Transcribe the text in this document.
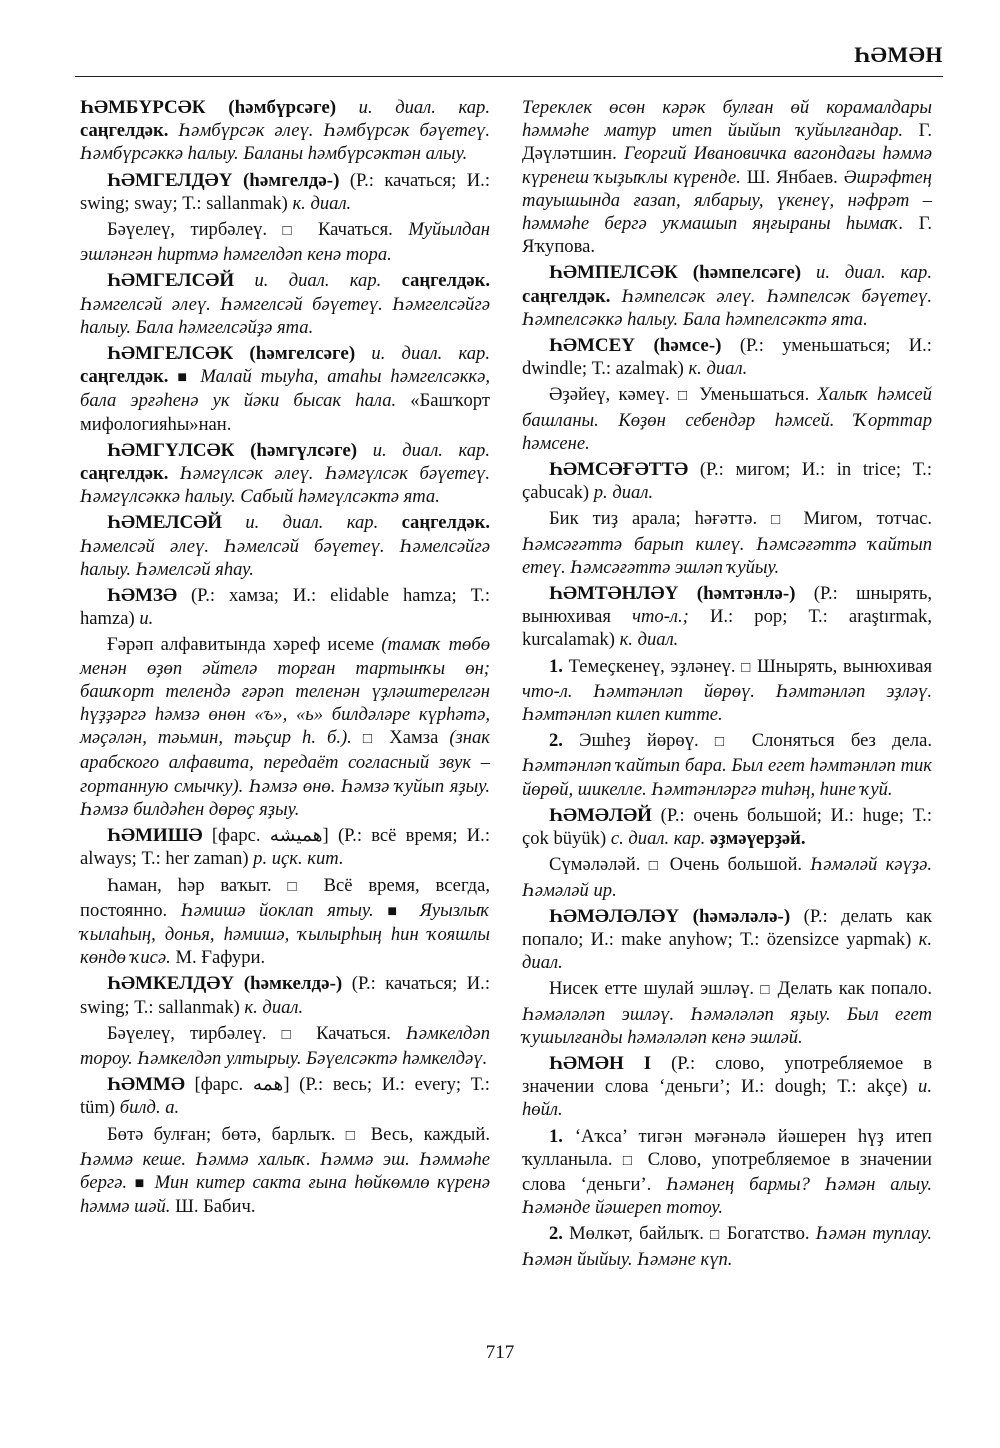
ҺӘМӘН

ҺӘМБҮРСӘК (һәмбүрсәге) и. диал. кар. саңгелдәк. Һәмбүрсәк әлеү. Һәмбүрсәк бәүетеү. Һәмбүрсәккә һалыу. Баланы һәмбүрсәктән алыу.

ҺӘМГЕЛДӘҮ (һәмгелдә-) (Р.: качаться; И.: swing; sway; Т.: sallanmak) к. диал.

Бәүелеү, тирбәлеү. □ Качаться. Муйылдан эшләнгән һиртмә һәмгелдәп кенә тора.

ҺӘМГЕЛСӘЙ и. диал. кар. саңгелдәк. Һәмгелсәй әлеү. Һәмгелсәй бәүетеү. Һәмгелсәйгә һалыу. Бала һәмгелсәйҙә ята.

ҺӘМГЕЛСӘК (һәмгелсәге) и. диал. кар. саңгелдәк. ■ Малай тыуһа, атаһы һәмгелсәккә, бала эрғәһенә ук йәки бысак һала. «Башҡорт мифологияһы»нан.

ҺӘМГҮЛСӘК (һәмгүлсәге) и. диал. кар. саңгелдәк. Һәмгүлсәк әлеү. Һәмгүлсәк бәүетеү. Һәмгүлсәккә һалыу. Сабый һәмгүлсәктә ята.

ҺӘМЕЛСӘЙ и. диал. кар. саңгелдәк. Һәмелсәй әлеү. Һәмелсәй бәүетеү. Һәмелсәйгә һалыу. Һәмелсәй яһау.

ҺӘМЗӘ (Р.: хамза; И.: elidable hamza; Т.: hamza) и.

Ғәрәп алфавитында хәреф исеме (тамаҡ төбө менән өҙөп әйтелә торған тартынҡы өн; башҡорт телендә ғәрәп теленән үҙләштерелгән һүҙҙәргә һәмзә өнөн «ъ», «ь» билдәләре күрһәтә, мәҫәлән, тәьмин, тәьҫир һ. б.). □ Хамза (знак арабского алфавита, передаёт согласный звук – гортанную смычку). Һәмзә өнө. Һәмзә ҡуйып яҙыу. Һәмзә билдәһен дөрөҫ яҙыу.

ҺӘМИШӘ [фарс. همیشه] (Р.: всё время; И.: always; Т.: her zaman) р. иҫк. кит.

Һаман, һәр ваҡыт. □ Всё время, всегда, постоянно. Һәмишә йоклап ятыу. ■ Яуызлыҡ ҡылаһың, донья, һәмишә, ҡылырһың һин ҡояшлы көндө ҡисә. М. Ғафури.

ҺӘМКЕЛДӘҮ (һәмкелдә-) (Р.: качаться; И.: swing; Т.: sallanmak) к. диал.

Бәүелеү, тирбәлеү. □ Качаться. Һәмкелдәп тороу. Һәмкелдәп ултырыу. Бәүелсәктә һәмкелдәү.

ҺӘММӘ [фарс. همه] (Р.: весь; И.: every; Т.: tüm) билд. а.

Бөтә булған; бөтә, барлыҡ. □ Весь, каждый. Һәммә кеше. Һәммә халыҡ. Һәммә эш. Һәммәһе бергә. ■ Мин китер сакта ғына һөйкөмлө күренә һәммә шәй. Ш. Бабич.

Тереклек өсөн кәрәк булған өй корамалдары һәммәһе матур итеп йыйып ҡуйылғандар. Г. Дәүләтшин. Георгий Ивановичка вагондағы һәммә күренеш ҡыҙыҡлы күренде. Ш. Янбаев. Әшрәфтең тауышында ғазап, ялбарыу, үкенеү, нәфрәт – һәммәһе бергә уҡмашып яңғыраны һымаҡ. Г. Яҡупова.

ҺӘМПЕЛСӘК (һәмпелсәге) и. диал. кар. саңгелдәк. Һәмпелсәк әлеү. Һәмпелсәк бәүетеү. Һәмпелсәккә һалыу. Бала һәмпелсәктә ята.

ҺӘМСЕҮ (һәмсе-) (Р.: уменьшаться; И.: dwindle; Т.: azalmak) к. диал.

Әҙәйеү, кәмеү. □ Уменьшаться. Халыҡ һәмсей башланы. Көҙөн себендәр һәмсей. Ҡорттар һәмсене.

ҺӘМСӘҒӘТТӘ (Р.: мигом; И.: in trice; Т.: çabucak) р. диал.

Бик тиҙ арала; һәғәттә. □ Мигом, тотчас. Һәмсәғәттә барып килеү. Һәмсәғәттә ҡайтып етеү. Һәмсәғәттә эшләп ҡуйыу.

ҺӘМТӘНЛӘҮ (һәмтәнлә-) (Р.: шнырять, вынюхивая что-л.; И.: pop; Т.: araştırmak, kurcalamak) к. диал.

1. Темеҫкенеү, эҙләнеү. □ Шнырять, вынюхивая что-л. Һәмтәнләп йөрөү. Һәмтәнләп эҙләү. Һәмтәнләп килеп китте.

2. Эшһеҙ йөрөү. □ Слоняться без дела. Һәмтәнләп ҡайтып бара. Был егет һәмтәнләп тик йөрөй, шикелле. Һәмтәнләргә тиһәң, һине ҡуй.

ҺӘМӘЛӘЙ (Р.: очень большой; И.: huge; Т.: çok büyük) с. диал. кар. әҙмәүерҙәй.

Сүмәләләй. □ Очень большой. Һәмәләй кәүҙә. Һәмәләй ир.

ҺӘМӘЛӘЛӘҮ (һәмәләлә-) (Р.: делать как попало; И.: make anyhow; Т.: özensizce yapmak) к. диал.

Нисек етте шулай эшләү. □ Делать как попало. Һәмәләләп эшләү. Һәмәләләп яҙыу. Был егет ҡушылғанды һәмәләләп кенә эшләй.

ҺӘМӘН I (Р.: слово, употребляемое в значении слова ‘деньги’; И.: dough; Т.: akçe) и. һөйл.

1. ‘Аҡса’ тигән мәғәнәлә йәшерен һүҙ итеп ҡулланыла. □ Слово, употребляемое в значении слова ‘деньги’. Һәмәнең бармы? Һәмән алыу. Һәмәнде йәшереп тотоу.

2. Мөлкәт, байлыҡ. □ Богатство. Һәмән туплау. Һәмән йыйыу. Һәмәне күп.

717
